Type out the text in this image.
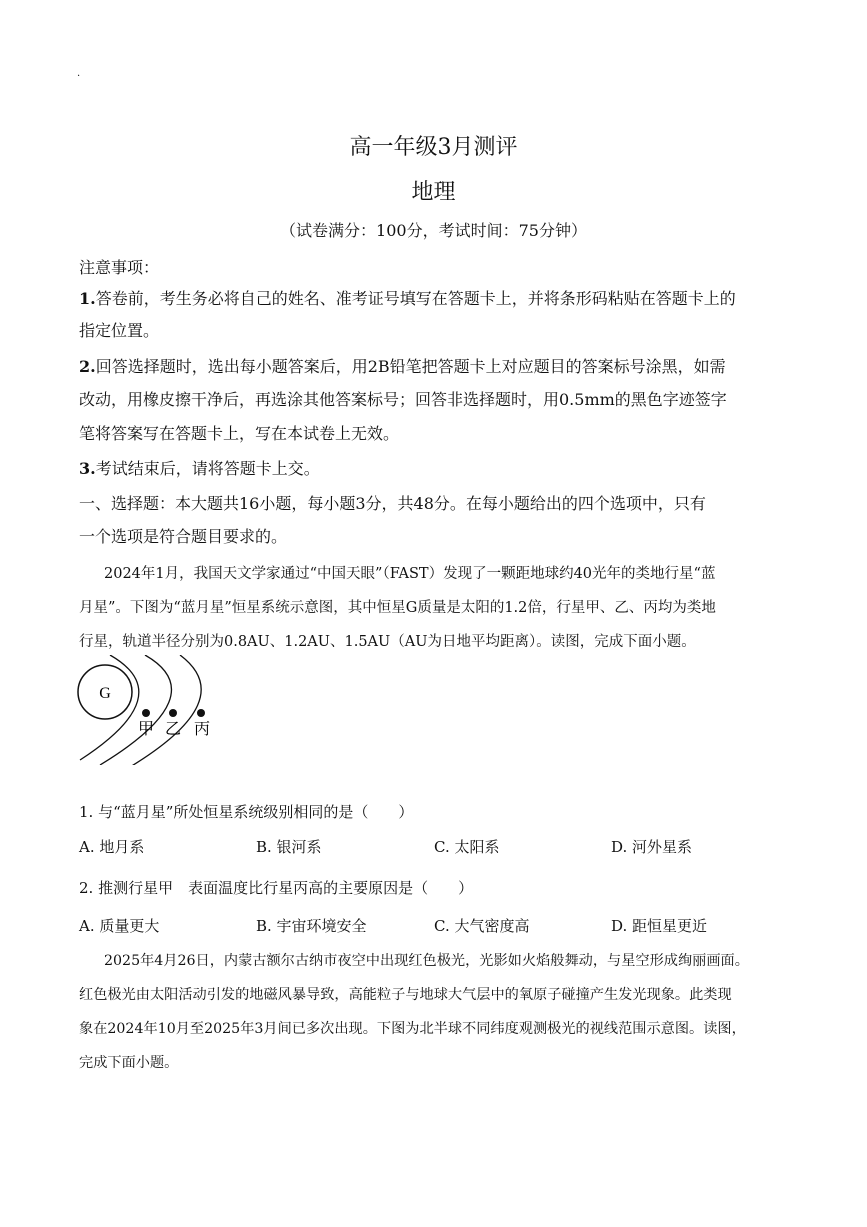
.
高一年级3月测评
地理
（试卷满分：100分，考试时间：75分钟）
注意事项：
1.答卷前，考生务必将自己的姓名、准考证号填写在答题卡上，并将条形码粘贴在答题卡上的
指定位置。
2.回答选择题时，选出每小题答案后，用2B铅笔把答题卡上对应题目的答案标号涂黑，如需
改动，用橡皮擦干净后，再选涂其他答案标号；回答非选择题时，用0.5mm的黑色字迹签字
笔将答案写在答题卡上，写在本试卷上无效。
3.考试结束后，请将答题卡上交。
一、选择题：本大题共16小题，每小题3分，共48分。在每小题给出的四个选项中，只有
一个选项是符合题目要求的。
2024年1月，我国天文学家通过“中国天眼”（FAST）发现了一颗距地球约40光年的类地行星“蓝
月星”。下图为“蓝月星”恒星系统示意图，其中恒星G质量是太阳的1.2倍，行星甲、乙、丙均为类地
行星，轨道半径分别为0.8AU、1.2AU、1.5AU（AU为日地平均距离）。读图，完成下面小题。
G
甲 乙 丙
1. 与“蓝月星”所处恒星系统级别相同的是（　　）
A. 地月系	B. 银河系	C. 太阳系	D. 河外星系
2. 推测行星甲　表面温度比行星丙高的主要原因是（　　）
A. 质量更大	B. 宇宙环境安全	C. 大气密度高	D. 距恒星更近
2025年4月26日，内蒙古额尔古纳市夜空中出现红色极光，光影如火焰般舞动，与星空形成绚丽画面。
红色极光由太阳活动引发的地磁风暴导致，高能粒子与地球大气层中的氧原子碰撞产生发光现象。此类现
象在2024年10月至2025年3月间已多次出现。下图为北半球不同纬度观测极光的视线范围示意图。读图，
完成下面小题。
